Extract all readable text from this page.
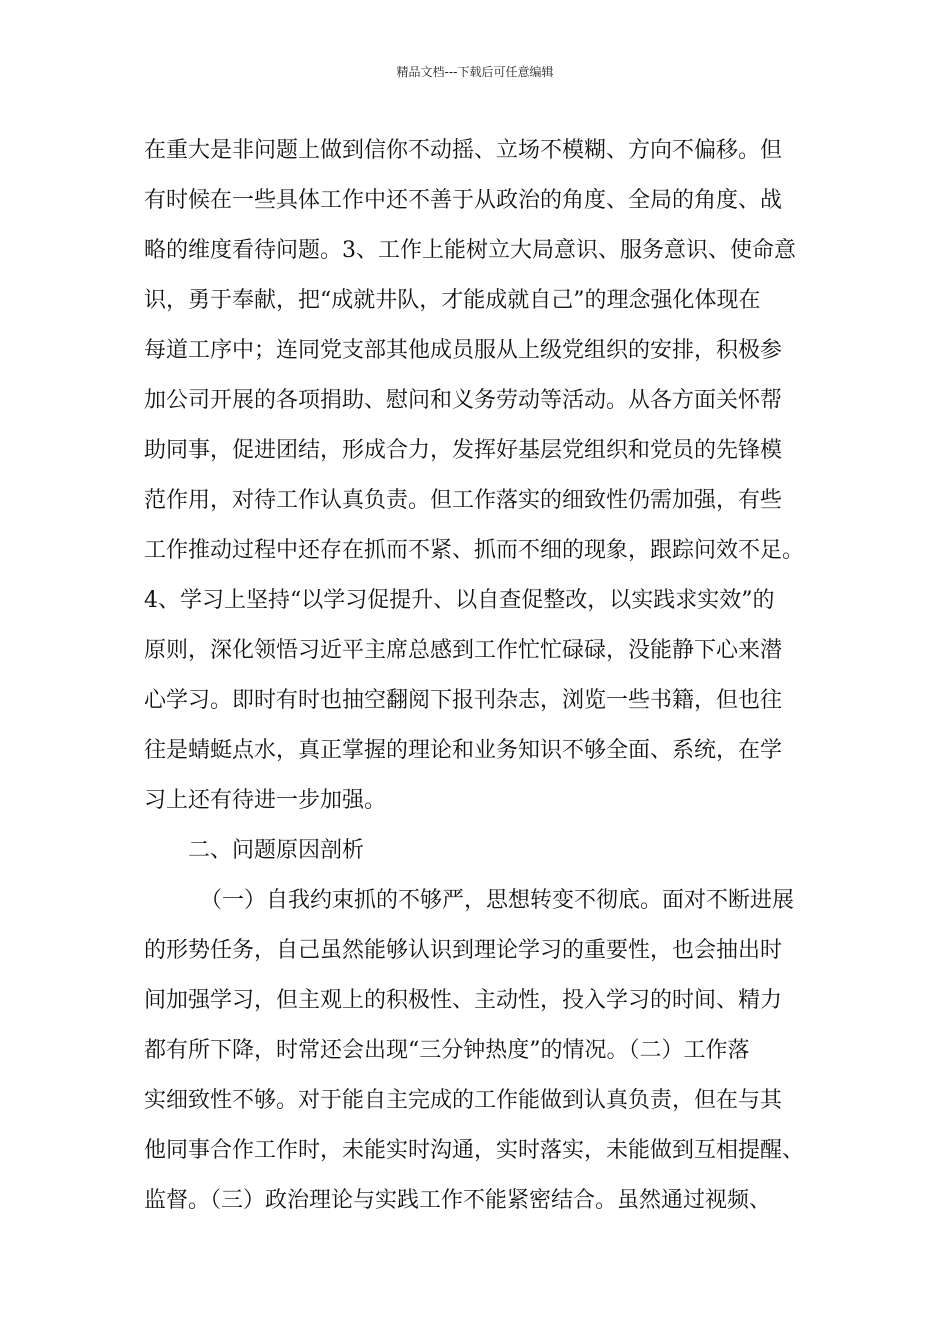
精品文档---下载后可任意编辑
在重大是非问题上做到信你不动摇、立场不模糊、方向不偏移。但
有时候在一些具体工作中还不善于从政治的角度、全局的角度、战
略的维度看待问题。3、工作上能树立大局意识、服务意识、使命意
识，勇于奉献，把“成就井队，才能成就自己”的理念强化体现在
每道工序中；连同党支部其他成员服从上级党组织的安排，积极参
加公司开展的各项捐助、慰问和义务劳动等活动。从各方面关怀帮
助同事，促进团结，形成合力，发挥好基层党组织和党员的先锋模
范作用，对待工作认真负责。但工作落实的细致性仍需加强，有些
工作推动过程中还存在抓而不紧、抓而不细的现象，跟踪问效不足。
4、学习上坚持“以学习促提升、以自查促整改，以实践求实效”的
原则，深化领悟习近平主席总感到工作忙忙碌碌，没能静下心来潜
心学习。即时有时也抽空翻阅下报刊杂志，浏览一些书籍，但也往
往是蜻蜓点水，真正掌握的理论和业务知识不够全面、系统，在学
习上还有待进一步加强。
二、问题原因剖析
（一）自我约束抓的不够严，思想转变不彻底。面对不断进展
的形势任务，自己虽然能够认识到理论学习的重要性，也会抽出时
间加强学习，但主观上的积极性、主动性，投入学习的时间、精力
都有所下降，时常还会出现“三分钟热度”的情况。（二）工作落
实细致性不够。对于能自主完成的工作能做到认真负责，但在与其
他同事合作工作时，未能实时沟通，实时落实，未能做到互相提醒、
监督。（三）政治理论与实践工作不能紧密结合。虽然通过视频、
